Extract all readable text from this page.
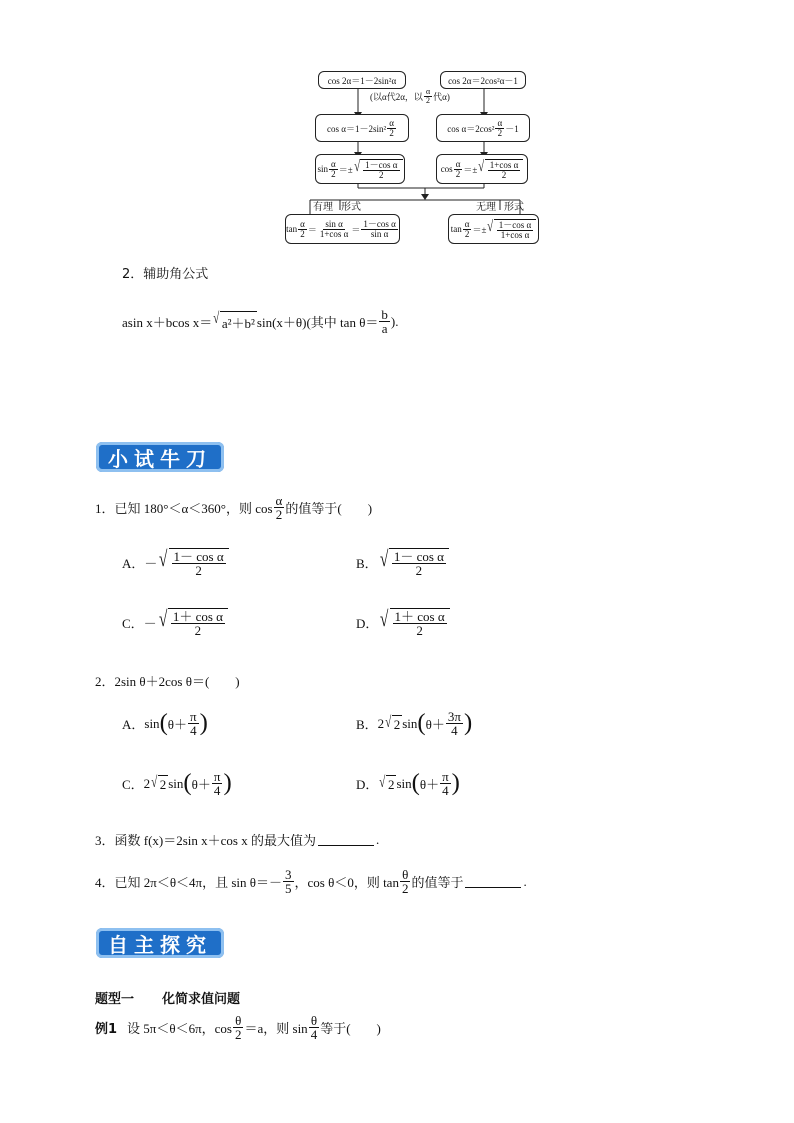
cos 2α＝1－2sin²α	cos 2α＝2cos²α－1
(以α代2α，以 $\frac{\alpha}{2}$ 代α)
$\cos \alpha=1-2\sin^2 \frac{\alpha}{2}$	$\cos \alpha=2\cos^2 \frac{\alpha}{2} -1$
$\sin \frac{\alpha}{2}$ ＝± √ $\frac{\text{1－cos α}}{2}$	$\cos \frac{\alpha}{2}$ ＝± √ $\frac{\text{1+cos α}}{2}$
有理 形式	无理 形式
$\tan \frac{\alpha}{2} = \frac{\text{sin α}}{\text{1+cos α}} = \frac{\text{1－cos α}}{\text{sin α}}$	$\tan \frac{\alpha}{2}$ ＝± √ $\frac{\text{1－cos α}}{\text{1+cos α}}$
2．辅助角公式
asin x＋bcos x＝ √ a²＋b² sin(x＋θ)(其中 $\tan \theta= \frac{b}{a}$ ).
小试牛刀
1．已知 180°＜α＜360°，则 $\cos \frac{\alpha}{2}$ 的值等于(　　)
A．－ √ $\frac{\text{1－ cos α}}{2}$	B． √ $\frac{\text{1－ cos α}}{2}$
C．－ √ $\frac{\text{1＋ cos α}}{2}$	D． √ $\frac{\text{1＋ cos α}}{2}$
2．2sin θ＋2cos θ＝(　　)
A． sin ( $\theta+ \frac{\pi}{4}$ )	B． 2 √ 2 sin ( $\theta+ \frac{3\pi}{4}$ )
C． 2 √ 2 sin ( $\theta+ \frac{\pi}{4}$ )	D． √ 2 sin ( $\theta+ \frac{\pi}{4}$ )
3．函数 f(x)＝2sin x＋cos x 的最大值为	.
4．已知 2π＜θ＜4π，且 $\sin \theta=- \frac{3}{5}$ ，cos θ＜0，则 $\tan \frac{\theta}{2}$ 的值等于	.
自主探究
题型一 化简求值问题
例1 设 5π＜θ＜6π，$\cos \frac{\theta}{2} =a$，则 $\sin \frac{\theta}{4}$ 等于(　　)
